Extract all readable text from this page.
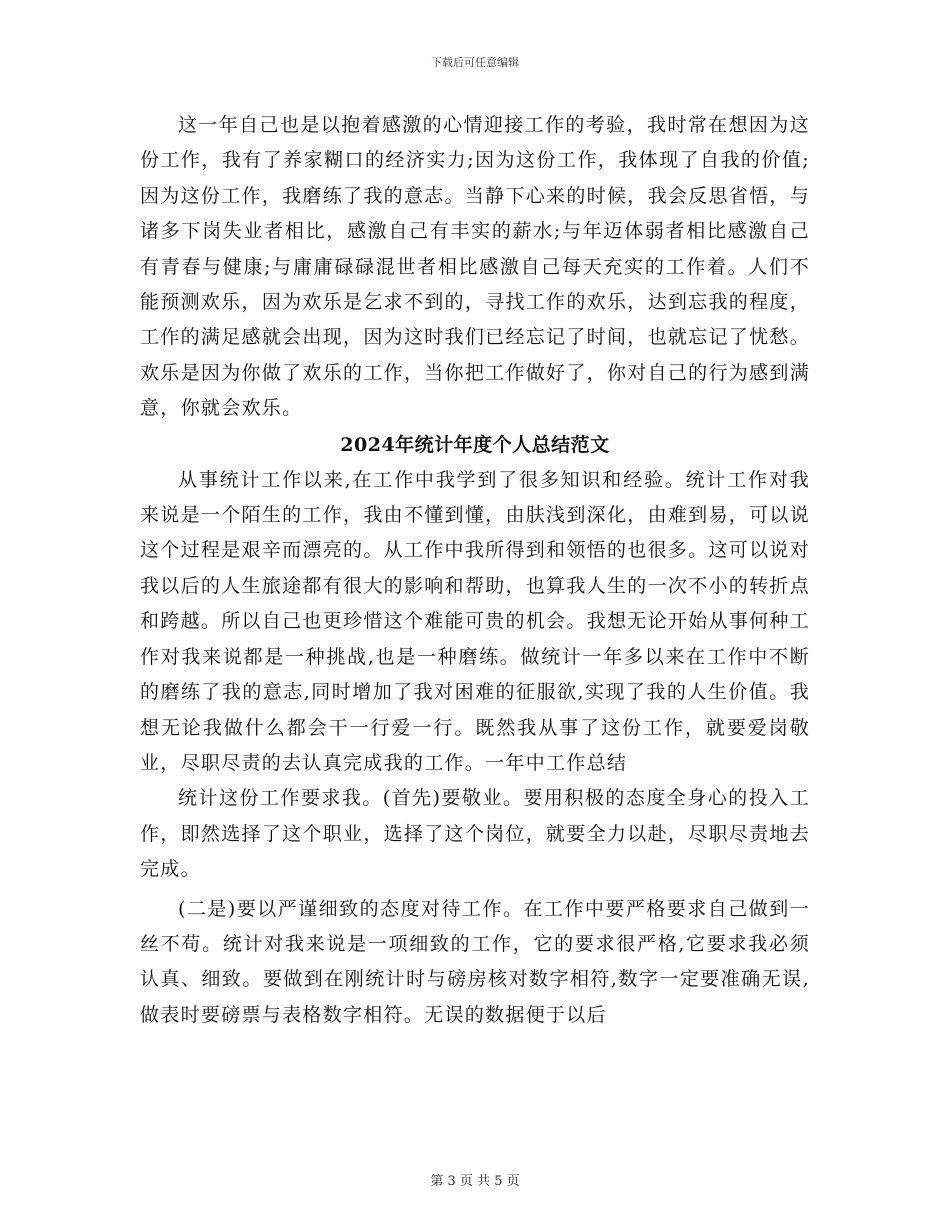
下载后可任意编辑

这一年自己也是以抱着感激的心情迎接工作的考验，我时常在想因为这份工作，我有了养家糊口的经济实力;因为这份工作，我体现了自我的价值;因为这份工作，我磨练了我的意志。当静下心来的时候，我会反思省悟，与诸多下岗失业者相比，感激自己有丰实的薪水;与年迈体弱者相比感激自己有青春与健康;与庸庸碌碌混世者相比感激自己每天充实的工作着。人们不能预测欢乐，因为欢乐是乞求不到的，寻找工作的欢乐，达到忘我的程度，工作的满足感就会出现，因为这时我们已经忘记了时间，也就忘记了忧愁。欢乐是因为你做了欢乐的工作，当你把工作做好了，你对自己的行为感到满意，你就会欢乐。

2024年统计年度个人总结范文

从事统计工作以来,在工作中我学到了很多知识和经验。统计工作对我来说是一个陌生的工作，我由不懂到懂，由肤浅到深化，由难到易，可以说这个过程是艰辛而漂亮的。从工作中我所得到和领悟的也很多。这可以说对我以后的人生旅途都有很大的影响和帮助，也算我人生的一次不小的转折点和跨越。所以自己也更珍惜这个难能可贵的机会。我想无论开始从事何种工作对我来说都是一种挑战,也是一种磨练。做统计一年多以来在工作中不断的磨练了我的意志,同时增加了我对困难的征服欲,实现了我的人生价值。我想无论我做什么都会干一行爱一行。既然我从事了这份工作，就要爱岗敬业，尽职尽责的去认真完成我的工作。一年中工作总结

统计这份工作要求我。(首先)要敬业。要用积极的态度全身心的投入工作，即然选择了这个职业，选择了这个岗位，就要全力以赴，尽职尽责地去完成。

(二是)要以严谨细致的态度对待工作。在工作中要严格要求自己做到一丝不苟。统计对我来说是一项细致的工作，它的要求很严格,它要求我必须认真、细致。要做到在刚统计时与磅房核对数字相符,数字一定要准确无误,做表时要磅票与表格数字相符。无误的数据便于以后

第 3 页 共 5 页
